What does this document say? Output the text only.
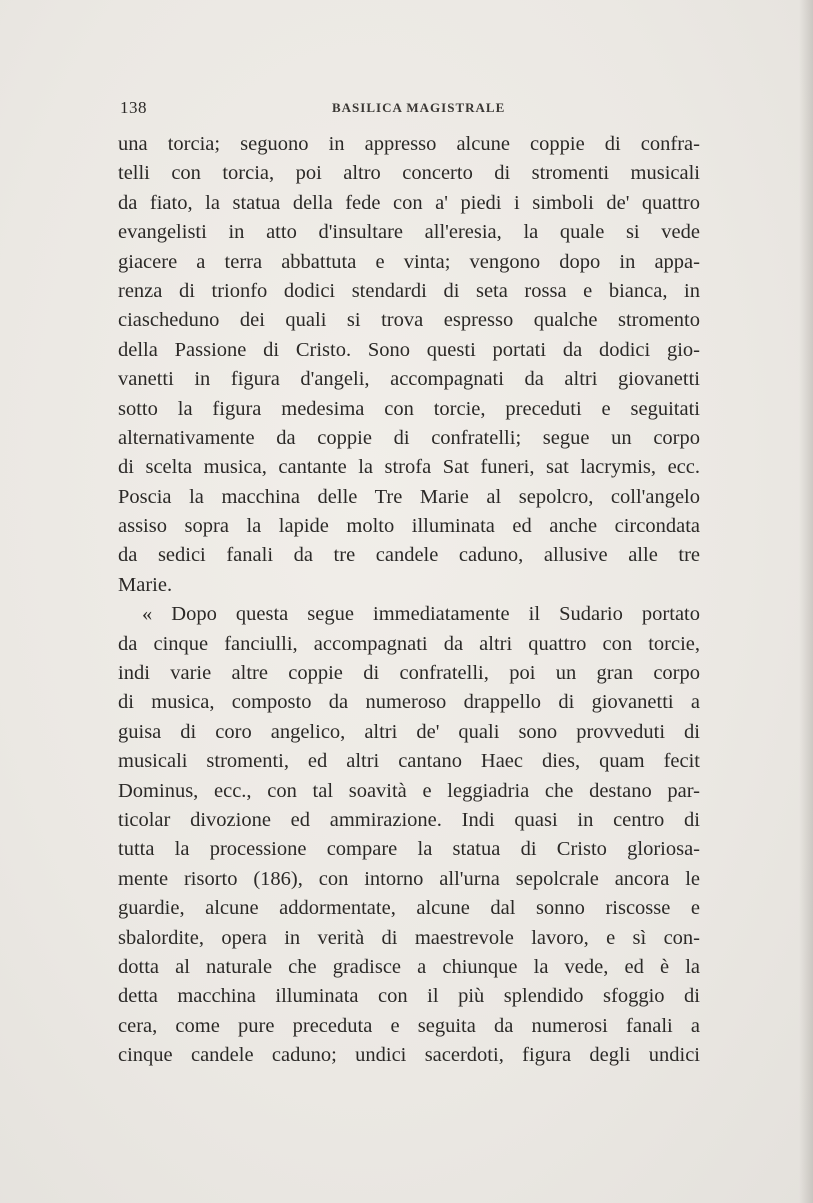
138	BASILICA MAGISTRALE
una torcia; seguono in appresso alcune coppie di confra-
telli con torcia, poi altro concerto di stromenti musicali
da fiato, la statua della fede con a' piedi i simboli de' quattro
evangelisti in atto d'insultare all'eresia, la quale si vede
giacere a terra abbattuta e vinta; vengono dopo in appa-
renza di trionfo dodici stendardi di seta rossa e bianca, in
ciascheduno dei quali si trova espresso qualche stromento
della Passione di Cristo. Sono questi portati da dodici gio-
vanetti in figura d'angeli, accompagnati da altri giovanetti
sotto la figura medesima con torcie, preceduti e seguitati
alternativamente da coppie di confratelli; segue un corpo
di scelta musica, cantante la strofa Sat funeri, sat lacrymis, ecc.
Poscia la macchina delle Tre Marie al sepolcro, coll'angelo
assiso sopra la lapide molto illuminata ed anche circondata
da sedici fanali da tre candele caduno, allusive alle tre
Marie.
« Dopo questa segue immediatamente il Sudario portato
da cinque fanciulli, accompagnati da altri quattro con torcie,
indi varie altre coppie di confratelli, poi un gran corpo
di musica, composto da numeroso drappello di giovanetti a
guisa di coro angelico, altri de' quali sono provveduti di
musicali stromenti, ed altri cantano Haec dies, quam fecit
Dominus, ecc., con tal soavità e leggiadria che destano par-
ticolar divozione ed ammirazione. Indi quasi in centro di
tutta la processione compare la statua di Cristo gloriosa-
mente risorto (186), con intorno all'urna sepolcrale ancora le
guardie, alcune addormentate, alcune dal sonno riscosse e
sbalordite, opera in verità di maestrevole lavoro, e sì con-
dotta al naturale che gradisce a chiunque la vede, ed è la
detta macchina illuminata con il più splendido sfoggio di
cera, come pure preceduta e seguita da numerosi fanali a
cinque candele caduno; undici sacerdoti, figura degli undici
